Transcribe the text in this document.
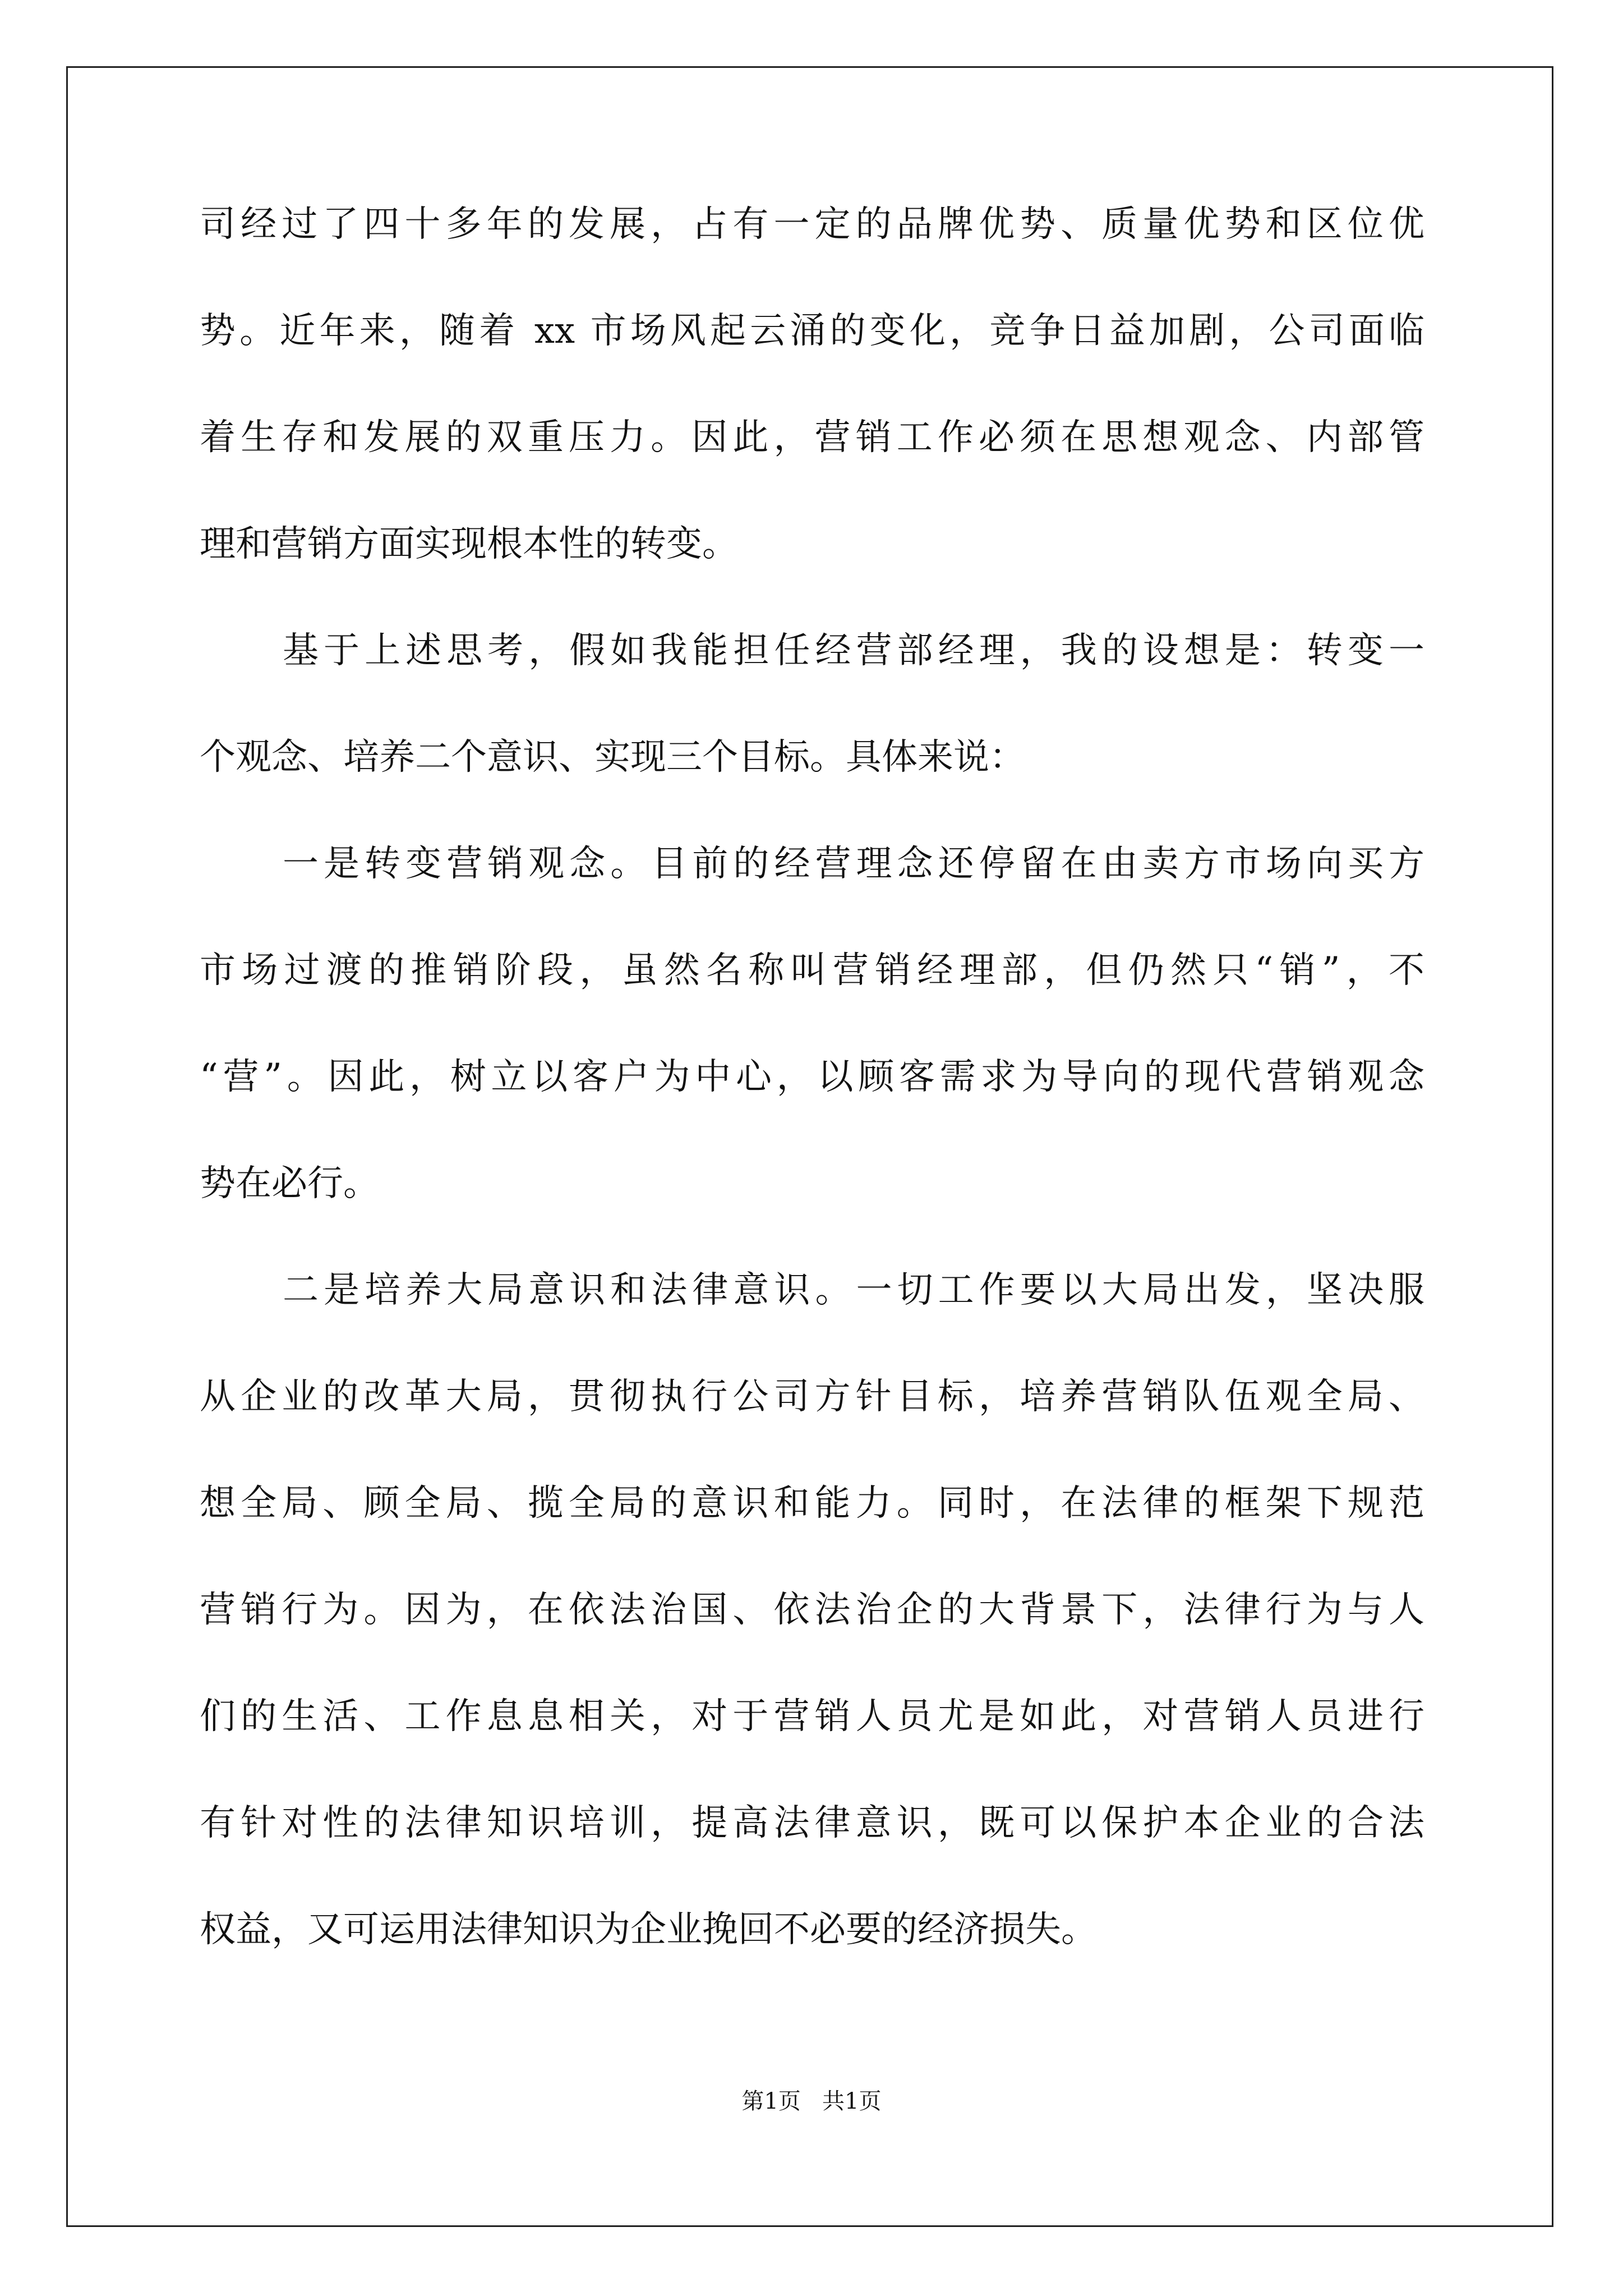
司经过了四十多年的发展，占有一定的品牌优势、质量优势和区位优
势。近年来，随着 xx 市场风起云涌的变化，竞争日益加剧，公司面临
着生存和发展的双重压力。因此，营销工作必须在思想观念、内部管
理和营销方面实现根本性的转变。
基于上述思考，假如我能担任经营部经理，我的设想是：转变一
个观念、培养二个意识、实现三个目标。具体来说：
一是转变营销观念。目前的经营理念还停留在由卖方市场向买方
市场过渡的推销阶段，虽然名称叫营销经理部，但仍然只“销”，不
“营”。因此，树立以客户为中心，以顾客需求为导向的现代营销观念
势在必行。
二是培养大局意识和法律意识。一切工作要以大局出发，坚决服
从企业的改革大局，贯彻执行公司方针目标，培养营销队伍观全局、
想全局、顾全局、揽全局的意识和能力。同时，在法律的框架下规范
营销行为。因为，在依法治国、依法治企的大背景下，法律行为与人
们的生活、工作息息相关，对于营销人员尤是如此，对营销人员进行
有针对性的法律知识培训，提高法律意识，既可以保护本企业的合法
权益，又可运用法律知识为企业挽回不必要的经济损失。
第1页   共1页
